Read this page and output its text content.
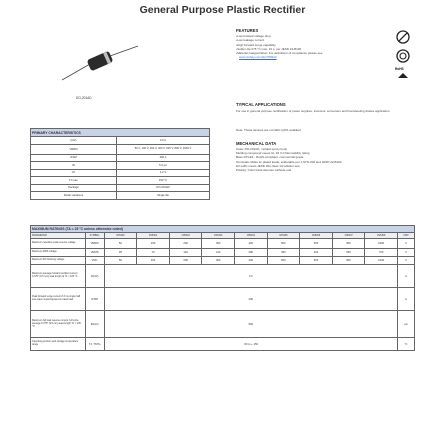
General Purpose Plastic Rectifier
DO-201AD
FEATURES
• Low forward voltage drop
• Low leakage current
• High forward surge capability
• Solder dip 275 °C max. 10 s, per JESD 22-B106
• Material categorization: For definitions of compliance please see
www.vishay.com/doc?99912
RoHS
TYPICAL APPLICATIONS
For use in general purpose rectification of power supplies, inverters, converters and freewheeling diodes application.
Note: These devices are not AEC-Q101 qualified.
MECHANICAL DATA
Case: DO-201AD, molded epoxy body
Molding compound meets UL 94 V-0 flammability rating
Base P/N-E3 - RoHS-compliant, commercial grade
Terminals: Matte tin plated leads, solderable per J-STD-002 and JESD 22-B102
E3 suffix meets JESD 201 class 1A whisker test
Polarity: Color band denotes cathode end
PRIMARY CHARACTERISTICS	
I(AV)	3.0 A
VRRM	50 V, 100 V, 200 V, 400 V, 600 V, 800 V, 1000 V
IFSM	200 A
IR	5.0 µA
VF	1.2 V
TJ max.	150 °C
Package	DO-201AD
Diode variations	Single die
MAXIMUM RATINGS (TA = 25 °C unless otherwise noted)											
PARAMETER	SYMBOL	1N5400	1N5401	1N5402	1N5403	1N5404	1N5405	1N5406	1N5407	1N5408	UNIT
Maximum repetitive peak reverse voltage	VRRM	50	100	200	300	400	500	600	800	1000	V
Maximum RMS voltage	VRMS	35	70	140	210	280	350	420	560	700	V
Maximum DC blocking voltage	VDC	50	100	200	300	400	500	600	800	1000	V
Maximum average forward rectified current 0.375" (9.5 mm) lead length at TL = 105 °C	IF(AV)	3.0									A
Peak forward surge current 8.3 ms single half sine-wave superimposed on rated load	IFSM	200									A
Maximum full load reverse current, full cycle average 0.375" (9.5 mm) lead length TL = 105 °C	IR(AV)	500									µA
Operating junction and storage temperature range	TJ, TSTG	-50 to + 150									°C
